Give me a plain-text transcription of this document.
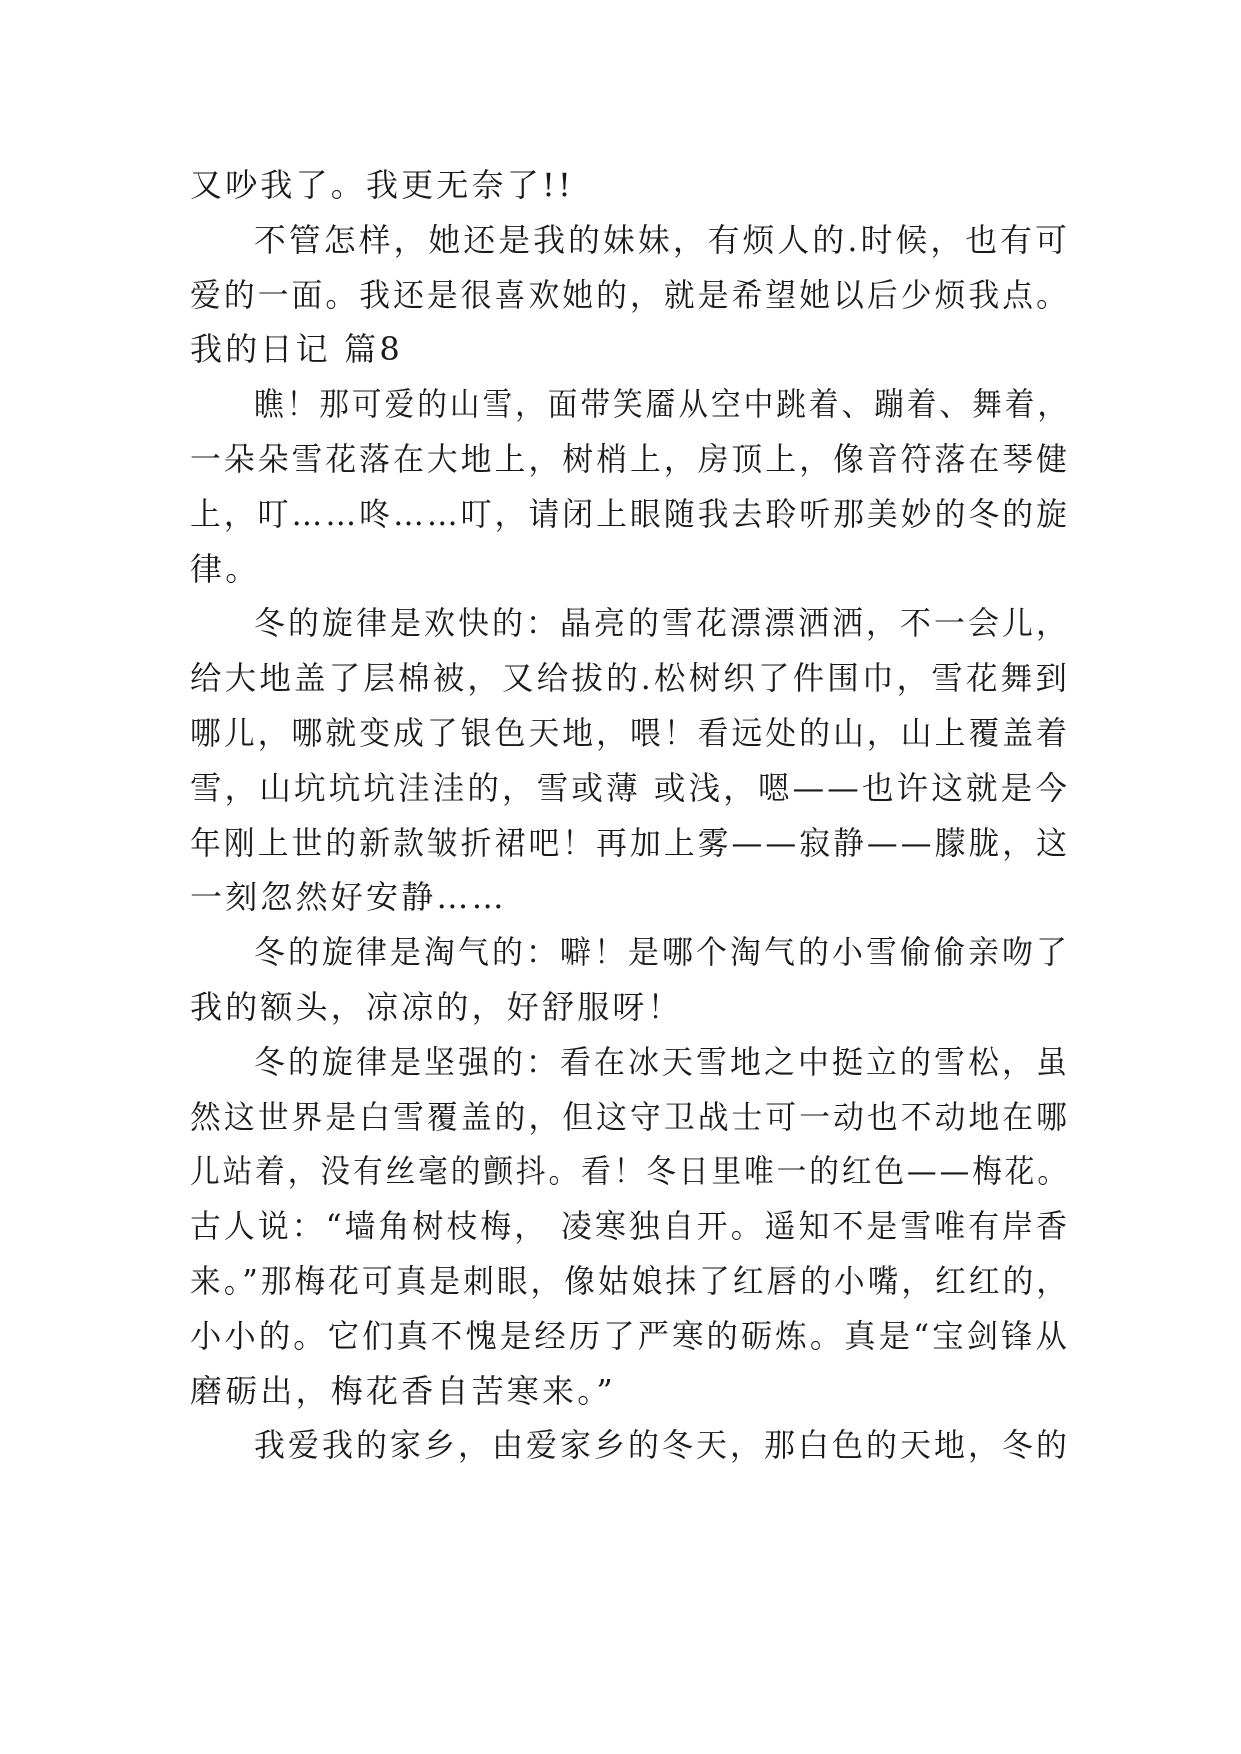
又吵我了。我更无奈了!!
不管怎样，她还是我的妹妹，有烦人的.时候，也有可
爱的一面。我还是很喜欢她的，就是希望她以后少烦我点。
我的日记 篇8
瞧！那可爱的山雪，面带笑靥从空中跳着、蹦着、舞着，
一朵朵雪花落在大地上，树梢上，房顶上，像音符落在琴健
上，叮……咚……叮，请闭上眼随我去聆听那美妙的冬的旋
律。
冬的旋律是欢快的：晶亮的雪花漂漂洒洒，不一会儿，
给大地盖了层棉被，又给拔的.松树织了件围巾，雪花舞到
哪儿，哪就变成了银色天地，喂！看远处的山，山上覆盖着
雪，山坑坑坑洼洼的，雪或薄 或浅，嗯——也许这就是今
年刚上世的新款皱折裙吧！再加上雾——寂静——朦胧，这
一刻忽然好安静……
冬的旋律是淘气的：噼！是哪个淘气的小雪偷偷亲吻了
我的额头，凉凉的，好舒服呀！
冬的旋律是坚强的：看在冰天雪地之中挺立的雪松，虽
然这世界是白雪覆盖的，但这守卫战士可一动也不动地在哪
儿站着，没有丝毫的颤抖。看！冬日里唯一的红色——梅花。
古人说：“墙角树枝梅， 凌寒独自开。遥知不是雪唯有岸香
来。”那梅花可真是刺眼，像姑娘抹了红唇的小嘴，红红的，
小小的。它们真不愧是经历了严寒的砺炼。真是“宝剑锋从
磨砺出，梅花香自苦寒来。”
我爱我的家乡，由爱家乡的冬天，那白色的天地，冬的
